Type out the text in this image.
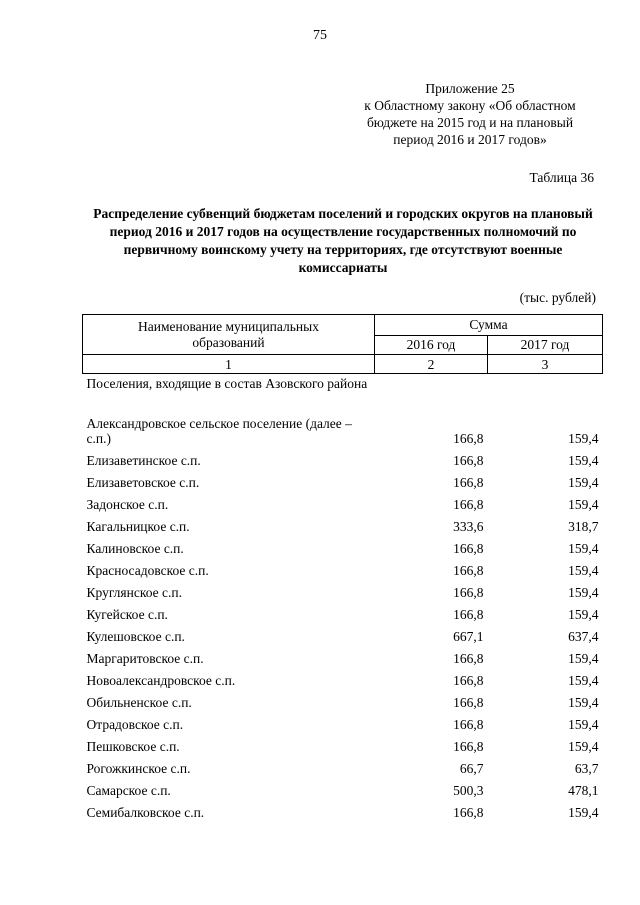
75
Приложение 25
к Областному закону «Об областном
бюджете на 2015 год и на плановый
период 2016 и 2017 годов»
Таблица 36
Распределение субвенций бюджетам поселений и городских округов на плановый период 2016 и 2017 годов на осуществление государственных полномочий по первичному воинскому учету на территориях, где отсутствуют военные комиссариаты
(тыс. рублей)
Наименование муниципальных образований	Сумма	
	2016 год	2017 год
1	2	3
Поселения, входящие в состав Азовского района		
Александровское сельское поселение (далее – с.п.)	166,8	159,4
Елизаветинское с.п.	166,8	159,4
Елизаветовское с.п.	166,8	159,4
Задонское с.п.	166,8	159,4
Кагальницкое с.п.	333,6	318,7
Калиновское с.п.	166,8	159,4
Красносадовское с.п.	166,8	159,4
Круглянское с.п.	166,8	159,4
Кугейское с.п.	166,8	159,4
Кулешовское с.п.	667,1	637,4
Маргаритовское с.п.	166,8	159,4
Новоалександровское с.п.	166,8	159,4
Обильненское с.п.	166,8	159,4
Отрадовское с.п.	166,8	159,4
Пешковское с.п.	166,8	159,4
Рогожкинское с.п.	66,7	63,7
Самарское с.п.	500,3	478,1
Семибалковское с.п.	166,8	159,4
